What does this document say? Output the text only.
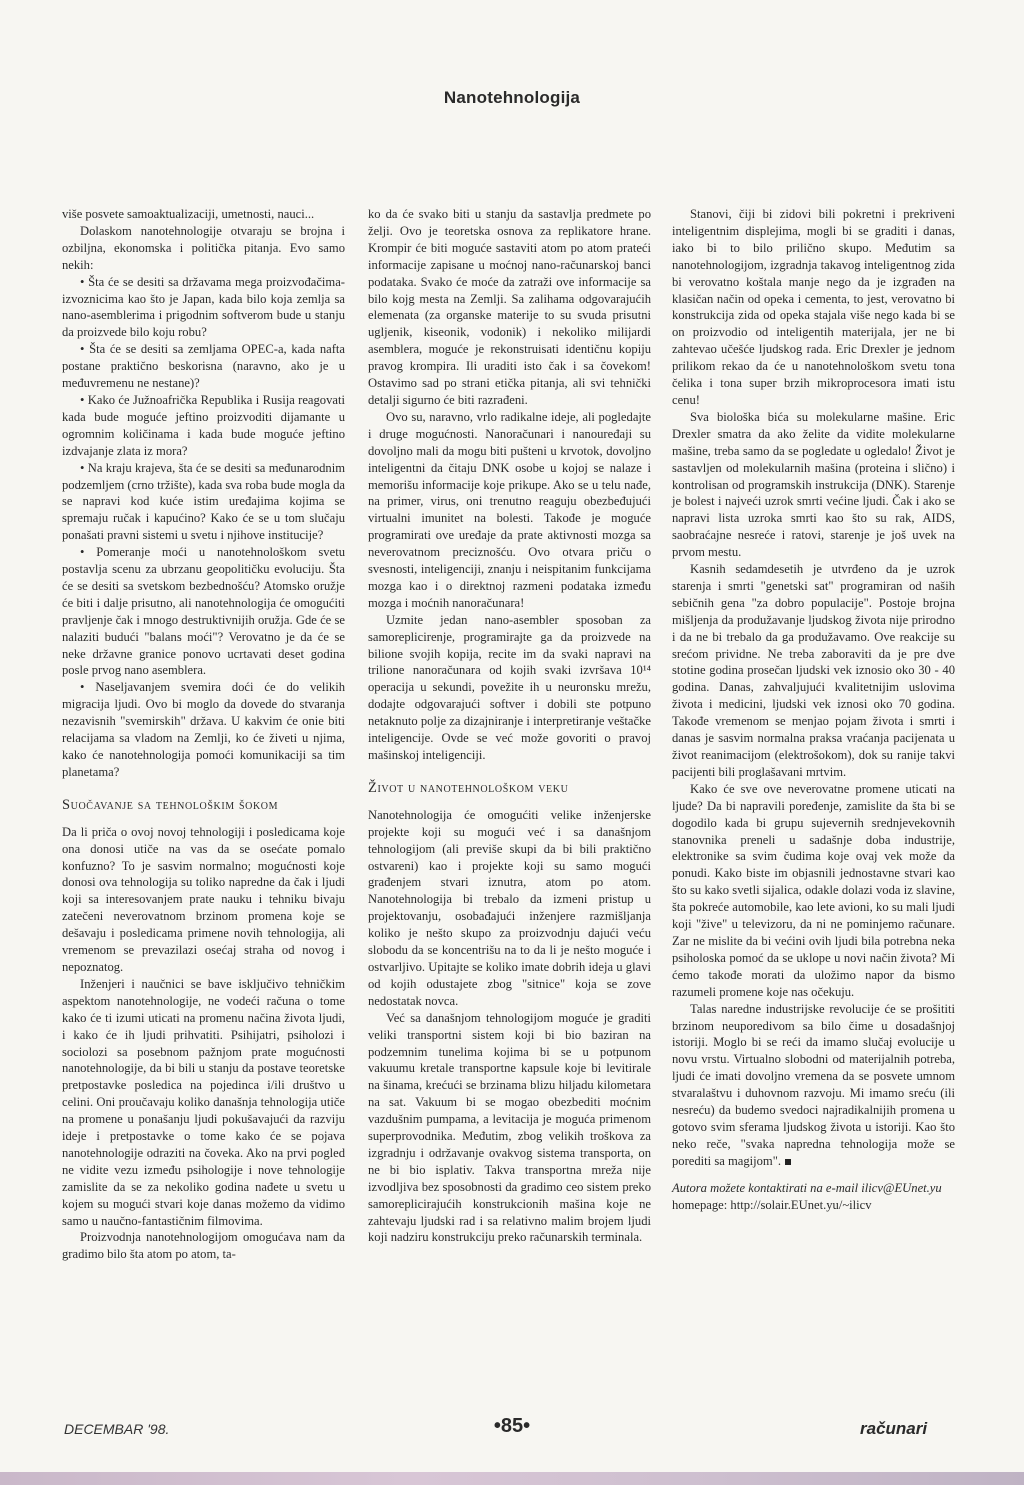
Nanotehnologija

više posvete samoaktualizaciji, umetnosti, nauci...

Dolaskom nanotehnologije otvaraju se brojna i ozbiljna, ekonomska i politička pitanja. Evo samo nekih:

• Šta će se desiti sa državama mega proizvođačima-izvoznicima kao što je Japan, kada bilo koja zemlja sa nano-asemblerima i prigodnim softverom bude u stanju da proizvede bilo koju robu?

• Šta će se desiti sa zemljama OPEC-a, kada nafta postane praktično beskorisna (naravno, ako je u međuvremenu ne nestane)?

• Kako će Južnoafrička Republika i Rusija reagovati kada bude moguće jeftino proizvoditi dijamante u ogromnim količinama i kada bude moguće jeftino izdvajanje zlata iz mora?

• Na kraju krajeva, šta će se desiti sa međunarodnim podzemljem (crno tržište), kada sva roba bude mogla da se napravi kod kuće istim uređajima kojima se spremaju ručak i kapućino? Kako će se u tom slučaju ponašati pravni sistemi u svetu i njihove institucije?

• Pomeranje moći u nanotehnološkom svetu postavlja scenu za ubrzanu geopolitičku evoluciju. Šta će se desiti sa svetskom bezbednošću? Atomsko oružje će biti i dalje prisutno, ali nanotehnologija će omogućiti pravljenje čak i mnogo destruktivnijih oružja. Gde će se nalaziti budući "balans moći"? Verovatno je da će se neke državne granice ponovo ucrtavati deset godina posle prvog nano asemblera.

• Naseljavanjem svemira doći će do velikih migracija ljudi. Ovo bi moglo da dovede do stvaranja nezavisnih "svemirskih" država. U kakvim će onie biti relacijama sa vladom na Zemlji, ko će živeti u njima, kako će nanotehnologija pomoći komunikaciji sa tim planetama?

Suočavanje sa tehnološkim šokom

Da li priča o ovoj novoj tehnologiji i posledicama koje ona donosi utiče na vas da se osećate pomalo konfuzno? To je sasvim normalno; mogućnosti koje donosi ova tehnologija su toliko napredne da čak i ljudi koji sa interesovanjem prate nauku i tehniku bivaju zatečeni neverovatnom brzinom promena koje se dešavaju i posledicama primene novih tehnologija, ali vremenom se prevazilazi osećaj straha od novog i nepoznatog.

Inženjeri i naučnici se bave isključivo tehničkim aspektom nanotehnologije, ne vodeći računa o tome kako će ti izumi uticati na promenu načina života ljudi, i kako će ih ljudi prihvatiti. Psihijatri, psiholozi i sociolozi sa posebnom pažnjom prate mogućnosti nanotehnologije, da bi bili u stanju da postave teoretske pretpostavke posledica na pojedinca i/ili društvo u celini. Oni proučavaju koliko današnja tehnologija utiče na promene u ponašanju ljudi pokušavajući da razviju ideje i pretpostavke o tome kako će se pojava nanotehnologije odraziti na čoveka. Ako na prvi pogled ne vidite vezu između psihologije i nove tehnologije zamislite da se za nekoliko godina nađete u svetu u kojem su mogući stvari koje danas možemo da vidimo samo u naučno-fantastičnim filmovima.

Proizvodnja nanotehnologijom omogućava nam da gradimo bilo šta atom po atom, ta-

ko da će svako biti u stanju da sastavlja predmete po želji. Ovo je teoretska osnova za replikatore hrane. Krompir će biti moguće sastaviti atom po atom prateći informacije zapisane u moćnoj nano-računarskoj banci podataka. Svako će moće da zatraži ove informacije sa bilo kojg mesta na Zemlji. Sa zalihama odgovarajućih elemenata (za organske materije to su svuda prisutni ugljenik, kiseonik, vodonik) i nekoliko milijardi asemblera, moguće je rekonstruisati identičnu kopiju pravog krompira. Ili uraditi isto čak i sa čovekom! Ostavimo sad po strani etička pitanja, ali svi tehnički detalji sigurno će biti razrađeni.

Ovo su, naravno, vrlo radikalne ideje, ali pogledajte i druge mogućnosti. Nanoračunari i nanouređaji su dovoljno mali da mogu biti pušteni u krvotok, dovoljno inteligentni da čitaju DNK osobe u kojoj se nalaze i memorišu informacije koje prikupe. Ako se u telu nađe, na primer, virus, oni trenutno reaguju obezbeđujući virtualni imunitet na bolesti. Takođe je moguće programirati ove uređaje da prate aktivnosti mozga sa neverovatnom preciznošću. Ovo otvara priču o svesnosti, inteligenciji, znanju i neispitanim funkcijama mozga kao i o direktnoj razmeni podataka između mozga i moćnih nanoračunara!

Uzmite jedan nano-asembler sposoban za samoreplicirenje, programirajte ga da proizvede na bilione svojih kopija, recite im da svaki napravi na trilione nanoračunara od kojih svaki izvršava 10¹⁴ operacija u sekundi, povežite ih u neuronsku mrežu, dodajte odgovarajući softver i dobili ste potpuno netaknuto polje za dizajniranje i interpretiranje veštačke inteligencije. Ovde se već može govoriti o pravoj mašinskoj inteligenciji.

Život u nanotehnološkom veku

Nanotehnologija će omogućiti velike inženjerske projekte koji su mogući već i sa današnjom tehnologijom (ali previše skupi da bi bili praktično ostvareni) kao i projekte koji su samo mogući građenjem stvari iznutra, atom po atom. Nanotehnologija bi trebalo da izmeni pristup u projektovanju, osobađajući inženjere razmišljanja koliko je nešto skupo za proizvodnju dajući veću slobodu da se koncentrišu na to da li je nešto moguće i ostvarljivo. Upitajte se koliko imate dobrih ideja u glavi od kojih odustajete zbog "sitnice" koja se zove nedostatak novca.

Već sa današnjom tehnologijom moguće je graditi veliki transportni sistem koji bi bio baziran na podzemnim tunelima kojima bi se u potpunom vakuumu kretale transportne kapsule koje bi levitirale na šinama, krećući se brzinama blizu hiljadu kilometara na sat. Vakuum bi se mogao obezbediti moćnim vazdušnim pumpama, a levitacija je moguća primenom superprovodnika. Međutim, zbog velikih troškova za izgradnju i održavanje ovakvog sistema transporta, on ne bi bio isplativ. Takva transportna mreža nije izvodljiva bez sposobnosti da gradimo ceo sistem preko samoreplicirajućih konstrukcionih mašina koje ne zahtevaju ljudski rad i sa relativno malim brojem ljudi koji nadziru konstrukciju preko računarskih terminala.

Stanovi, čiji bi zidovi bili pokretni i prekriveni inteligentnim displejima, mogli bi se graditi i danas, iako bi to bilo prilično skupo. Međutim sa nanotehnologijom, izgradnja takavog inteligentnog zida bi verovatno koštala manje nego da je izgrađen na klasičan način od opeka i cementa, to jest, verovatno bi konstrukcija zida od opeka stajala više nego kada bi se on proizvodio od inteligentih materijala, jer ne bi zahtevao učešće ljudskog rada. Eric Drexler je jednom prilikom rekao da će u nanotehnološkom svetu tona čelika i tona super brzih mikroprocesora imati istu cenu!

Sva biološka bića su molekularne mašine. Eric Drexler smatra da ako želite da vidite molekularne mašine, treba samo da se pogledate u ogledalo! Život je sastavljen od molekularnih mašina (proteina i slično) i kontrolisan od programskih instrukcija (DNK). Starenje je bolest i najveći uzrok smrti većine ljudi. Čak i ako se napravi lista uzroka smrti kao što su rak, AIDS, saobraćajne nesreće i ratovi, starenje je još uvek na prvom mestu.

Kasnih sedamdesetih je utvrđeno da je uzrok starenja i smrti "genetski sat" programiran od naših sebičnih gena "za dobro populacije". Postoje brojna mišljenja da produžavanje ljudskog života nije prirodno i da ne bi trebalo da ga produžavamo. Ove reakcije su srećom prividne. Ne treba zaboraviti da je pre dve stotine godina prosečan ljudski vek iznosio oko 30 - 40 godina. Danas, zahvaljujući kvalitetnijim uslovima života i medicini, ljudski vek iznosi oko 70 godina. Takođe vremenom se menjao pojam života i smrti i danas je sasvim normalna praksa vraćanja pacijenata u život reanimacijom (elektrošokom), dok su ranije takvi pacijenti bili proglašavani mrtvim.

Kako će sve ove neverovatne promene uticati na ljude? Da bi napravili poređenje, zamislite da šta bi se dogodilo kada bi grupu sujevernih srednjevekovnih stanovnika preneli u sadašnje doba industrije, elektronike sa svim čudima koje ovaj vek može da ponudi. Kako biste im objasnili jednostavne stvari kao što su kako svetli sijalica, odakle dolazi voda iz slavine, šta pokreće automobile, kao lete avioni, ko su mali ljudi koji "žive" u televizoru, da ni ne pominjemo računare. Zar ne mislite da bi većini ovih ljudi bila potrebna neka psiholoska pomoć da se uklope u novi način života? Mi ćemo takođe morati da uložimo napor da bismo razumeli promene koje nas očekuju.

Talas naredne industrijske revolucije će se prošititi brzinom neuporedivom sa bilo čime u dosadašnjoj istoriji. Moglo bi se reći da imamo slučaj evolucije u novu vrstu. Virtualno slobodni od materijalnih potreba, ljudi će imati dovoljno vremena da se posvete umnom stvaralaštvu i duhovnom razvoju. Mi imamo sreću (ili nesreću) da budemo svedoci najradikalnijih promena u gotovo svim sferama ljudskog života u istoriji. Kao što neko reče, "svaka napredna tehnologija može se porediti sa magijom".

Autora možete kontaktirati na e-mail ilicv@EUnet.yu

homepage: http://solair.EUnet.yu/~ilicv

DECEMBAR '98.	•85•	računari
